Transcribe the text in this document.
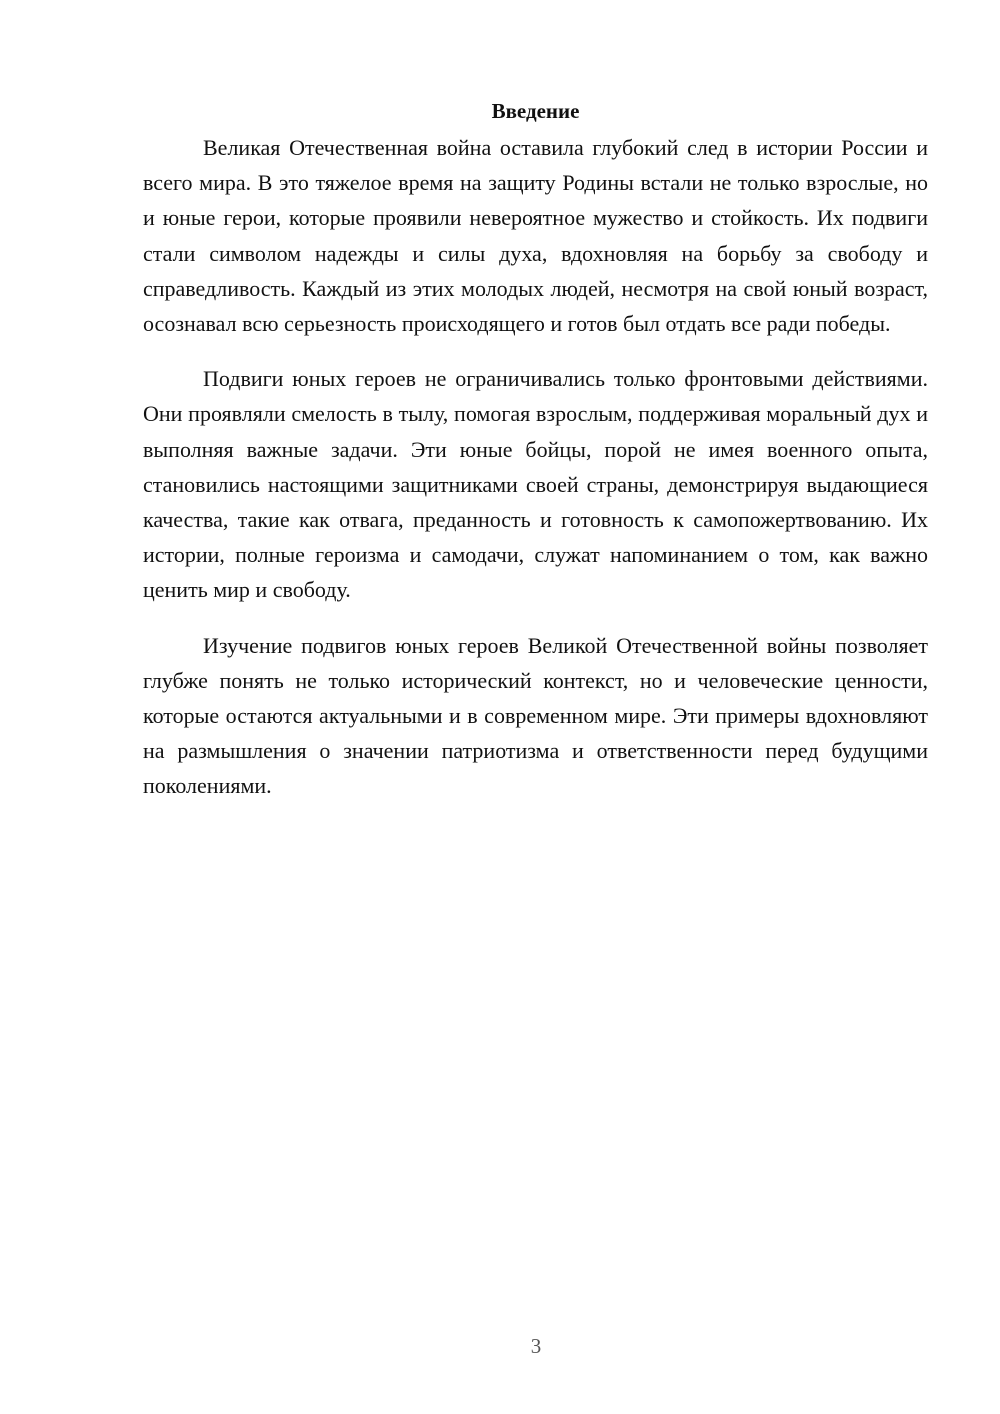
Введение

Великая Отечественная война оставила глубокий след в истории России и всего мира. В это тяжелое время на защиту Родины встали не только взрослые, но и юные герои, которые проявили невероятное мужество и стойкость. Их подвиги стали символом надежды и силы духа, вдохновляя на борьбу за свободу и справедливость. Каждый из этих молодых людей, несмотря на свой юный возраст, осознавал всю серьезность происходящего и готов был отдать все ради победы.

Подвиги юных героев не ограничивались только фронтовыми действиями. Они проявляли смелость в тылу, помогая взрослым, поддерживая моральный дух и выполняя важные задачи. Эти юные бойцы, порой не имея военного опыта, становились настоящими защитниками своей страны, демонстрируя выдающиеся качества, такие как отвага, преданность и готовность к самопожертвованию. Их истории, полные героизма и самодачи, служат напоминанием о том, как важно ценить мир и свободу.

Изучение подвигов юных героев Великой Отечественной войны позволяет глубже понять не только исторический контекст, но и человеческие ценности, которые остаются актуальными и в современном мире. Эти примеры вдохновляют на размышления о значении патриотизма и ответственности перед будущими поколениями.

3
